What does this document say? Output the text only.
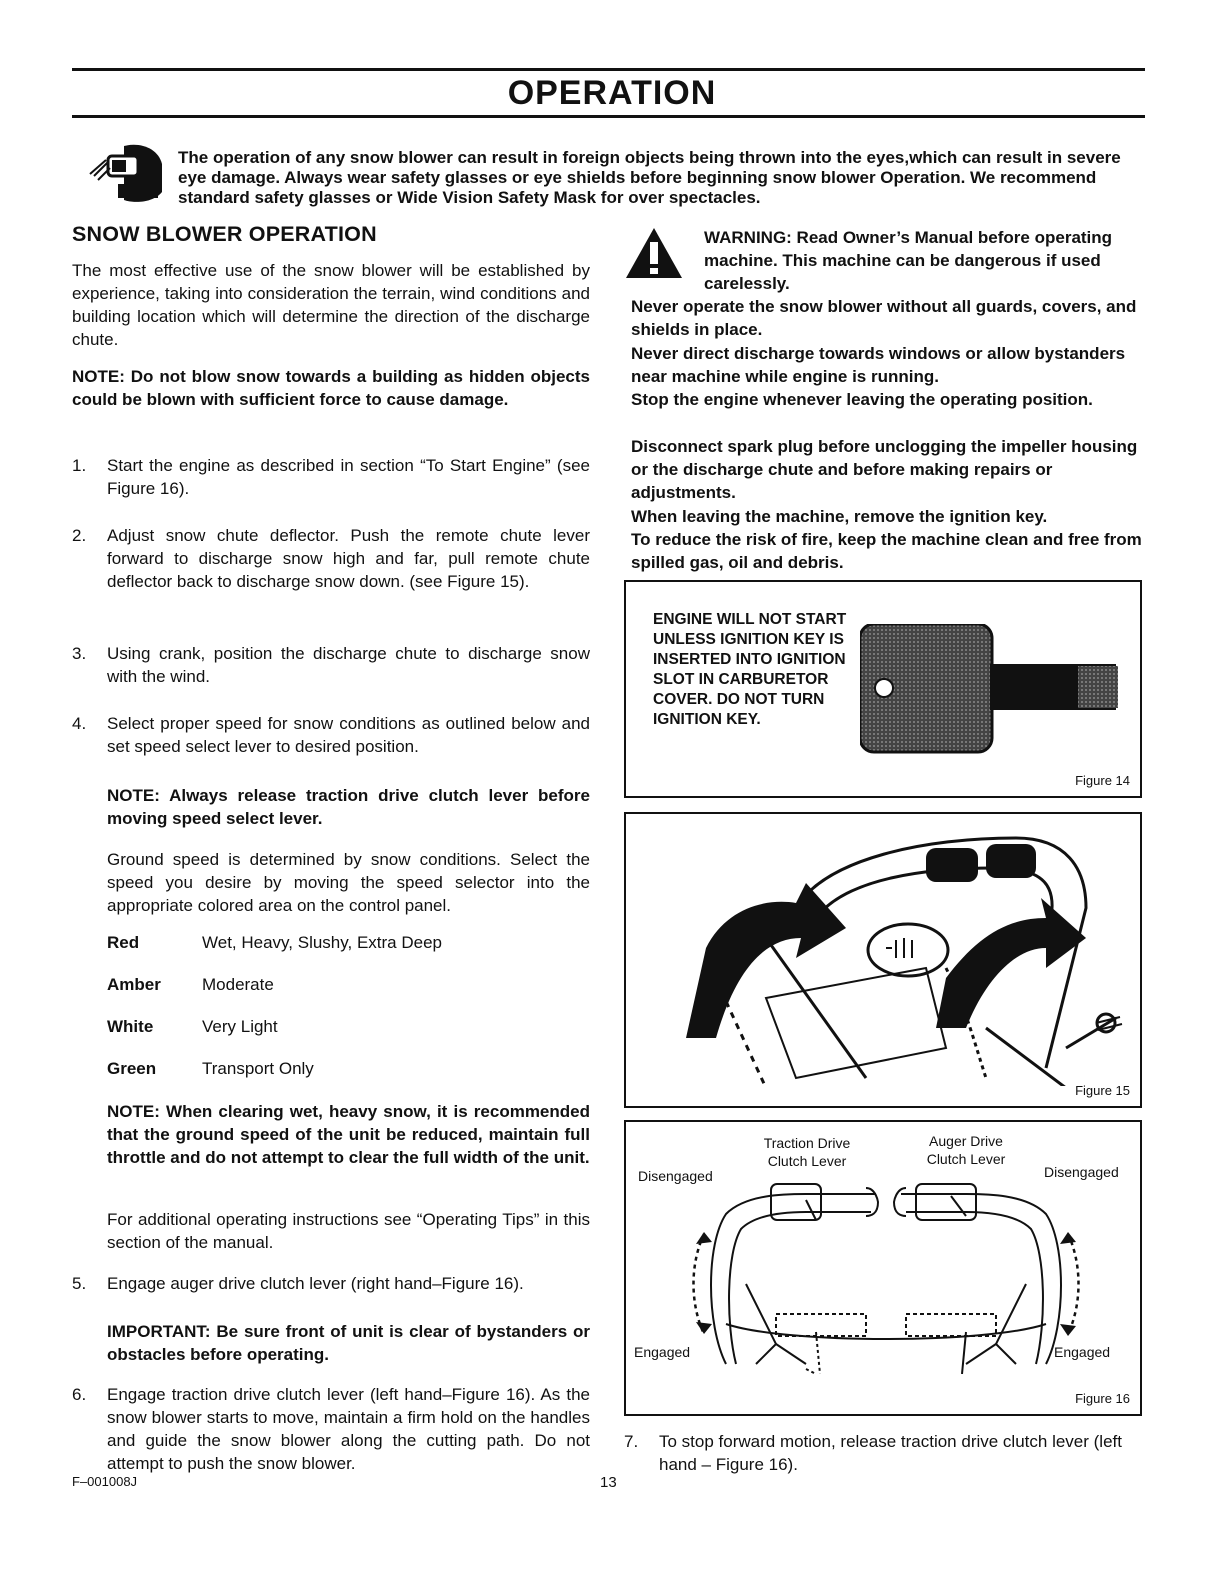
OPERATION
The operation of any snow blower can result in foreign objects being thrown into the eyes,which can result in severe eye damage. Always wear safety glasses or eye shields before beginning snow blower Operation. We recommend standard safety glasses or Wide Vision Safety Mask for over spectacles.
SNOW BLOWER OPERATION

The most effective use of the snow blower will be established by experience, taking into consideration the terrain, wind conditions and building location which will determine the direction of the discharge chute.

NOTE: Do not blow snow towards a building as hidden objects could be blown with sufficient force to cause damage.

1. Start the engine as described in section “To Start Engine” (see Figure 16).
2. Adjust snow chute deflector. Push the remote chute lever forward to discharge snow high and far, pull remote chute deflector back to discharge snow down. (see Figure 15).
3. Using crank, position the discharge chute to discharge snow with the wind.
4. Select proper speed for snow conditions as outlined below and set speed select lever to desired position.
NOTE: Always release traction drive clutch lever before moving speed select lever.
Ground speed is determined by snow conditions. Select the speed you desire by moving the speed selector into the appropriate colored area on the control panel.
Red	Wet, Heavy, Slushy, Extra Deep
Amber Moderate
White	Very Light
Green	Transport Only
NOTE: When clearing wet, heavy snow, it is recommended that the ground speed of the unit be reduced, maintain full throttle and do not attempt to clear the full width of the unit.
For additional operating instructions see “Operating Tips” in this section of the manual.
5. Engage auger drive clutch lever (right hand–Figure 16).
IMPORTANT: Be sure front of unit is clear of bystanders or obstacles before operating.
6. Engage traction drive clutch lever (left hand–Figure 16). As the snow blower starts to move, maintain a firm hold on the handles and guide the snow blower along the cutting path. Do not attempt to push the snow blower.
F–001008J	13
WARNING: Read Owner’s Manual before operating machine. This machine can be dangerous if used carelessly.
Never operate the snow blower without all guards, covers, and shields in place.
Never direct discharge towards windows or allow bystanders near machine while engine is running.
Stop the engine whenever leaving the operating position.
Disconnect spark plug before unclogging the impeller housing or the discharge chute and before making repairs or adjustments.
When leaving the machine, remove the ignition key.
To reduce the risk of fire, keep the machine clean and free from spilled gas, oil and debris.
ENGINE WILL NOT START UNLESS IGNITION KEY IS INSERTED INTO IGNITION SLOT IN CARBURETOR COVER. DO NOT TURN IGNITION KEY.
Figure 14
Figure 15
Traction Drive Clutch Lever
Auger Drive Clutch Lever
Disengaged	Disengaged
Engaged	Engaged
Figure 16
7. To stop forward motion, release traction drive clutch lever (left hand – Figure 16).
